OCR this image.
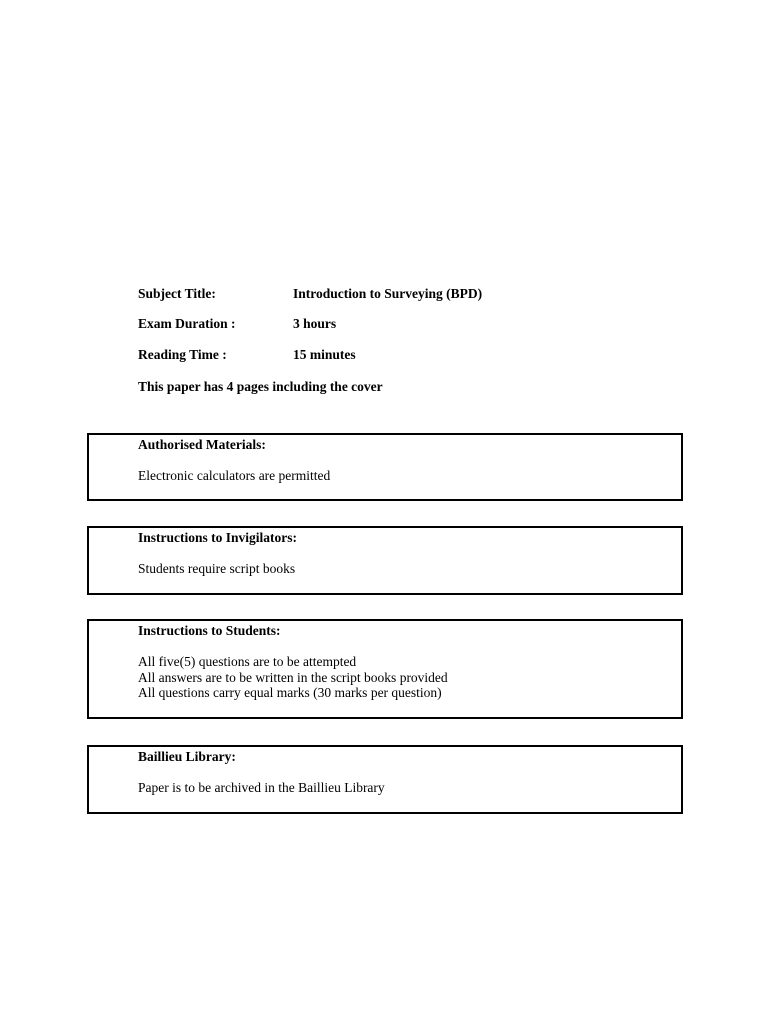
Subject Title:	Introduction to Surveying (BPD)
Exam Duration :	3 hours
Reading Time :	15 minutes
This paper has 4 pages including the cover
Authorised Materials:
Electronic calculators are permitted
Instructions to Invigilators:
Students require script books
Instructions to Students:
All five(5) questions are to be attempted
All answers are to be written in the script books provided
All questions carry equal marks (30 marks per question)
Baillieu Library:
Paper is to be archived in the Baillieu Library
